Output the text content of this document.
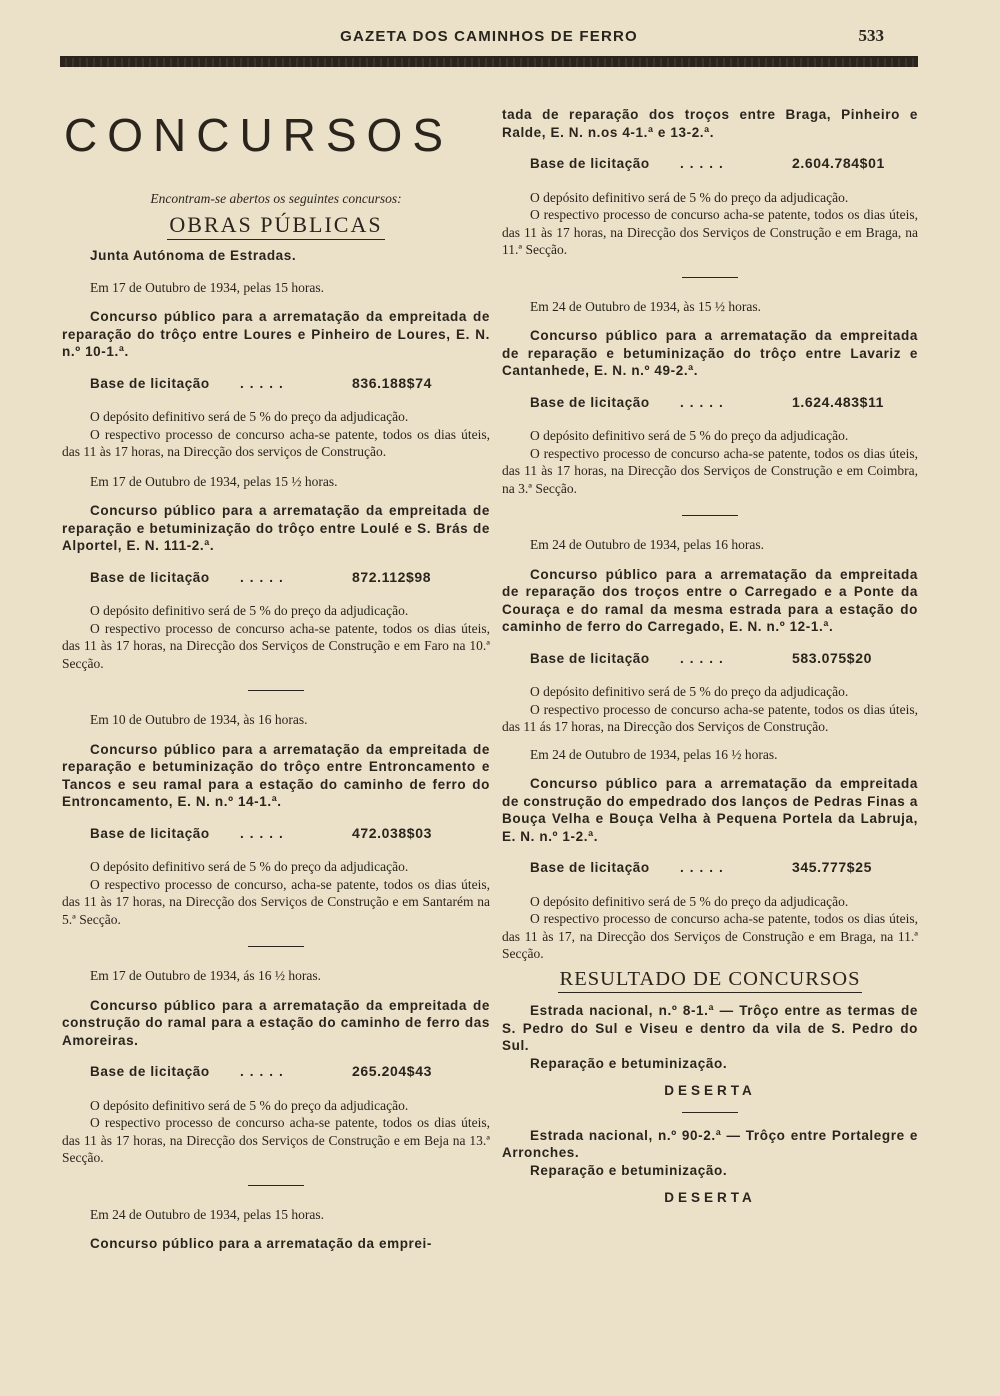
GAZETA DOS CAMINHOS DE FERRO	533
CONCURSOS

Encontram-se abertos os seguintes concursos:

OBRAS PÚBLICAS

Junta Autónoma de Estradas.

Em 17 de Outubro de 1934, pelas 15 horas.

Concurso público para a arrematação da empreitada de reparação do trôço entre Loures e Pinheiro de Loures, E. N. n.º 10-1.ª.

Base de licitação	.....	836.188$74

O depósito definitivo será de 5 % do preço da adjudicação.

O respectivo processo de concurso acha-se patente, todos os dias úteis, das 11 às 17 horas, na Direcção dos serviços de Construção.

Em 17 de Outubro de 1934, pelas 15 ½ horas.

Concurso público para a arrematação da empreitada de reparação e betuminização do trôço entre Loulé e S. Brás de Alportel, E. N. 111-2.ª.

Base de licitação	.....	872.112$98

O depósito definitivo será de 5 % do preço da adjudicação.

O respectivo processo de concurso acha-se patente, todos os dias úteis, das 11 às 17 horas, na Direcção dos Serviços de Construção e em Faro na 10.ª Secção.

Em 10 de Outubro de 1934, às 16 horas.

Concurso público para a arrematação da empreitada de reparação e betuminização do trôço entre Entroncamento e Tancos e seu ramal para a estação do caminho de ferro do Entroncamento, E. N. n.º 14-1.ª.

Base de licitação	.....	472.038$03

O depósito definitivo será de 5 % do preço da adjudicação.

O respectivo processo de concurso, acha-se patente, todos os dias úteis, das 11 às 17 horas, na Direcção dos Serviços de Construção e em Santarém na 5.ª Secção.

Em 17 de Outubro de 1934, ás 16 ½ horas.

Concurso público para a arrematação da empreitada de construção do ramal para a estação do caminho de ferro das Amoreiras.

Base de licitação	.....	265.204$43

O depósito definitivo será de 5 % do preço da adjudicação.

O respectivo processo de concurso acha-se patente, todos os dias úteis, das 11 às 17 horas, na Direcção dos Serviços de Construção e em Beja na 13.ª Secção.

Em 24 de Outubro de 1934, pelas 15 horas.

Concurso público para a arrematação da emprei-

tada de reparação dos troços entre Braga, Pinheiro e Ralde, E. N. n.os 4-1.ª e 13-2.ª.

Base de licitação	.....	2.604.784$01

O depósito definitivo será de 5 % do preço da adjudicação.

O respectivo processo de concurso acha-se patente, todos os dias úteis, das 11 às 17 horas, na Direcção dos Serviços de Construção e em Braga, na 11.ª Secção.

Em 24 de Outubro de 1934, às 15 ½ horas.

Concurso público para a arrematação da empreitada de reparação e betuminização do trôço entre Lavariz e Cantanhede, E. N. n.º 49-2.ª.

Base de licitação	.....	1.624.483$11

O depósito definitivo será de 5 % do preço da adjudicação.

O respectivo processo de concurso acha-se patente, todos os dias úteis, das 11 às 17 horas, na Direcção dos Serviços de Construção e em Coimbra, na 3.ª Secção.

Em 24 de Outubro de 1934, pelas 16 horas.

Concurso público para a arrematação da empreitada de reparação dos troços entre o Carregado e a Ponte da Couraça e do ramal da mesma estrada para a estação do caminho de ferro do Carregado, E. N. n.º 12-1.ª.

Base de licitação	.....	583.075$20

O depósito definitivo será de 5 % do preço da adjudicação.

O respectivo processo de concurso acha-se patente, todos os dias úteis, das 11 ás 17 horas, na Direcção dos Serviços de Construção.

Em 24 de Outubro de 1934, pelas 16 ½ horas.

Concurso público para a arrematação da empreitada de construção do empedrado dos lanços de Pedras Finas a Bouça Velha e Bouça Velha à Pequena Portela da Labruja, E. N. n.º 1-2.ª.

Base de licitação	.....	345.777$25

O depósito definitivo será de 5 % do preço da adjudicação.

O respectivo processo de concurso acha-se patente, todos os dias úteis, das 11 às 17, na Direcção dos Serviços de Construção e em Braga, na 11.ª Secção.

RESULTADO DE CONCURSOS

Estrada nacional, n.º 8-1.ª — Trôço entre as termas de S. Pedro do Sul e Viseu e dentro da vila de S. Pedro do Sul.

Reparação e betuminização.

DESERTA

Estrada nacional, n.º 90-2.ª — Trôço entre Portalegre e Arronches.

Reparação e betuminização.

DESERTA
